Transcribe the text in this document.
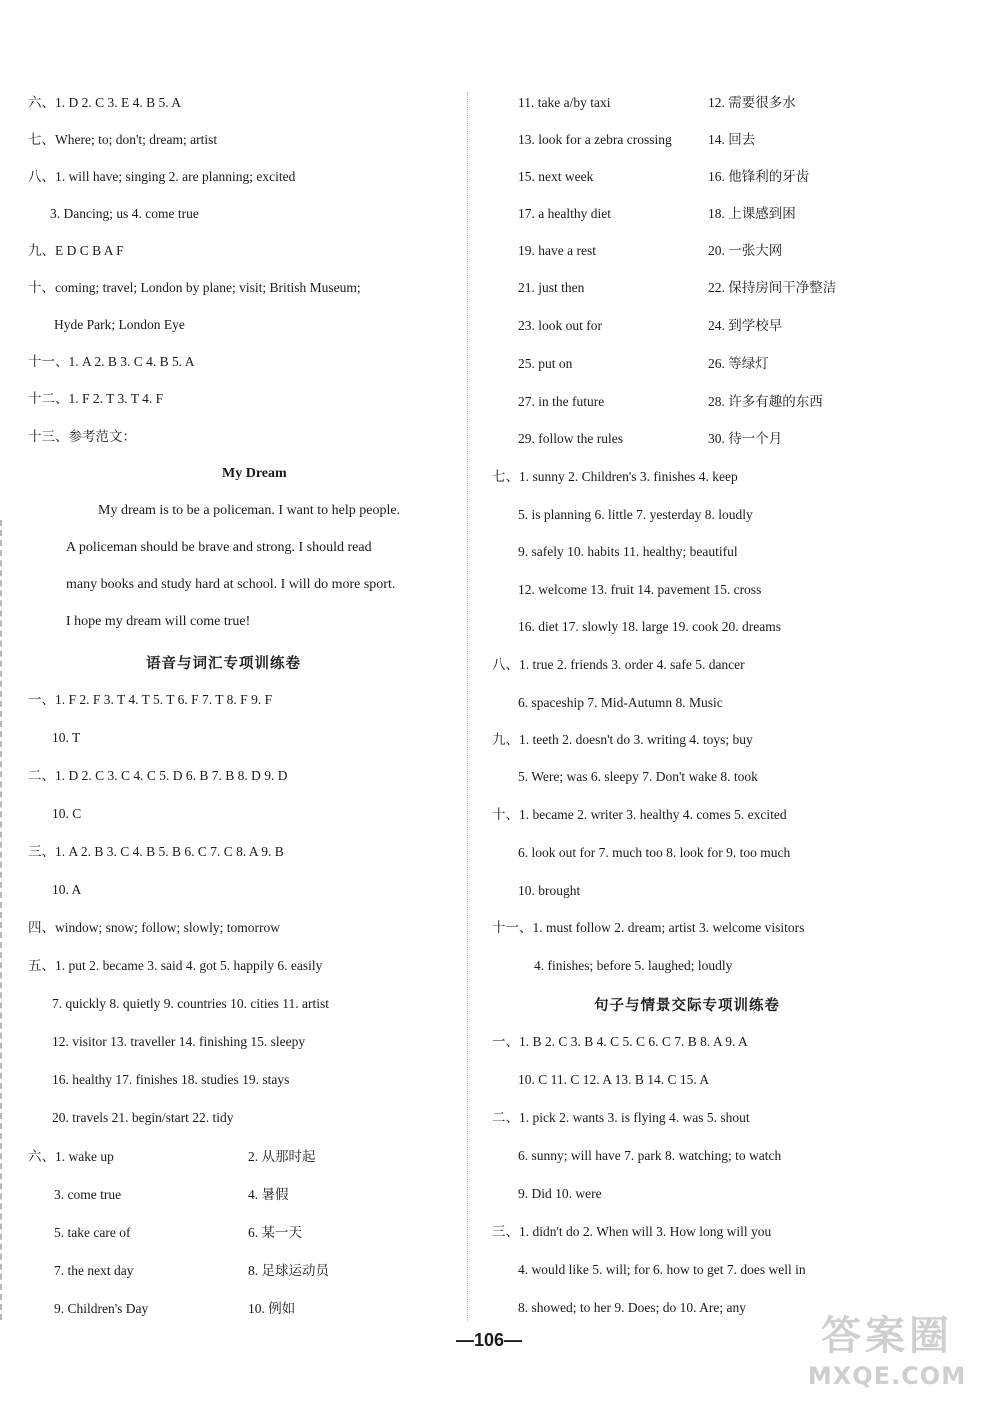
六、1. D 2. C 3. E 4. B 5. A
七、Where; to; don't; dream; artist
八、1. will have; singing 2. are planning; excited
3. Dancing; us 4. come true
九、E D C B A F
十、coming; travel; London by plane; visit; British Museum;
Hyde Park; London Eye
十一、1. A 2. B 3. C 4. B 5. A
十二、1. F 2. T 3. T 4. F
十三、参考范文：
My Dream
My dream is to be a policeman. I want to help people.
A policeman should be brave and strong. I should read
many books and study hard at school. I will do more sport.
I hope my dream will come true!
语音与词汇专项训练卷
一、1. F 2. F 3. T 4. T 5. T 6. F 7. T 8. F 9. F
10. T
二、1. D 2. C 3. C 4. C 5. D 6. B 7. B 8. D 9. D
10. C
三、1. A 2. B 3. C 4. B 5. B 6. C 7. C 8. A 9. B
10. A
四、window; snow; follow; slowly; tomorrow
五、1. put 2. became 3. said 4. got 5. happily 6. easily
7. quickly 8. quietly 9. countries 10. cities 11. artist
12. visitor 13. traveller 14. finishing 15. sleepy
16. healthy 17. finishes 18. studies 19. stays
20. travels 21. begin/start 22. tidy
六、1. wake up	2. 从那时起
3. come true	4. 暑假
5. take care of	6. 某一天
7. the next day	8. 足球运动员
9. Children's Day	10. 例如
11. take a/by taxi	12. 需要很多水
13. look for a zebra crossing	14. 回去
15. next week	16. 他锋利的牙齿
17. a healthy diet	18. 上课感到困
19. have a rest	20. 一张大网
21. just then	22. 保持房间干净整洁
23. look out for	24. 到学校早
25. put on	26. 等绿灯
27. in the future	28. 许多有趣的东西
29. follow the rules	30. 待一个月
七、1. sunny 2. Children's 3. finishes 4. keep
5. is planning 6. little 7. yesterday 8. loudly
9. safely 10. habits 11. healthy; beautiful
12. welcome 13. fruit 14. pavement 15. cross
16. diet 17. slowly 18. large 19. cook 20. dreams
八、1. true 2. friends 3. order 4. safe 5. dancer
6. spaceship 7. Mid-Autumn 8. Music
九、1. teeth 2. doesn't do 3. writing 4. toys; buy
5. Were; was 6. sleepy 7. Don't wake 8. took
十、1. became 2. writer 3. healthy 4. comes 5. excited
6. look out for 7. much too 8. look for 9. too much
10. brought
十一、1. must follow 2. dream; artist 3. welcome visitors
4. finishes; before 5. laughed; loudly
句子与情景交际专项训练卷
一、1. B 2. C 3. B 4. C 5. C 6. C 7. B 8. A 9. A
10. C 11. C 12. A 13. B 14. C 15. A
二、1. pick 2. wants 3. is flying 4. was 5. shout
6. sunny; will have 7. park 8. watching; to watch
9. Did 10. were
三、1. didn't do 2. When will 3. How long will you
4. would like 5. will; for 6. how to get 7. does well in
8. showed; to her 9. Does; do 10. Are; any
—106—	答案圈
MXQE.COM
